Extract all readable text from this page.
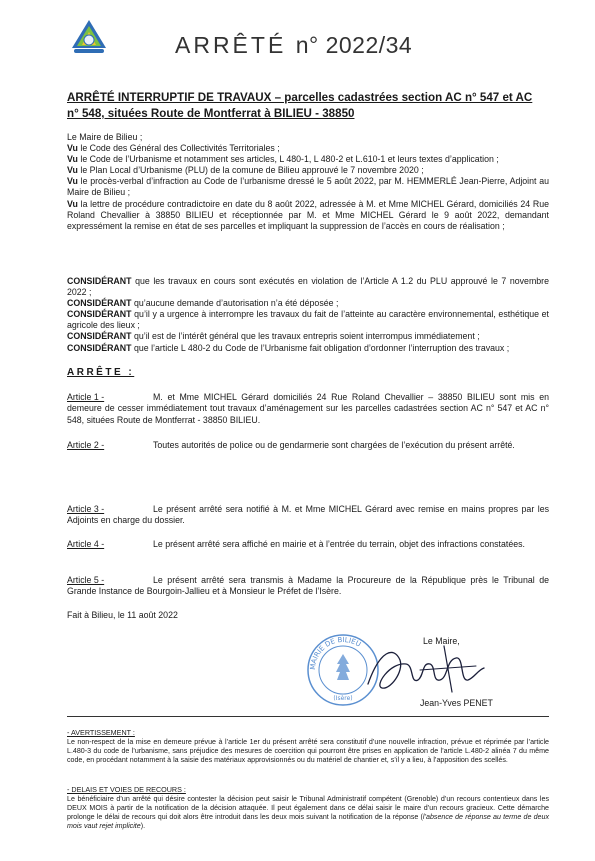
ARRÊTÉ n° 2022/34
ARRÊTÉ INTERRUPTIF DE TRAVAUX – parcelles cadastrées section AC n° 547 et AC n° 548, situées Route de Montferrat à BILIEU - 38850

Le Maire de Bilieu ;

Vu le Code des Général des Collectivités Territoriales ;

Vu le Code de l’Urbanisme et notamment ses articles, L 480-1, L 480-2 et L.610-1 et leurs textes d’application ;

Vu le Plan Local d’Urbanisme (PLU) de la comune de Bilieu approuvé le 7 novembre 2020 ;

Vu le procès-verbal d’infraction au Code de l’urbanisme dressé le 5 août 2022, par M. HEMMERLÉ Jean-Pierre, Adjoint au Maire de Bilieu ;

Vu la lettre de procédure contradictoire en date du 8 août 2022, adressée à M. et Mme MICHEL Gérard, domiciliés 24 Rue Roland Chevallier à 38850 BILIEU et réceptionnée par M. et Mme MICHEL Gérard le 9 août 2022, demandant expressément la remise en état de ses parcelles et impliquant la suppression de l’accès en cours de réalisation ;

CONSIDÉRANT que les travaux en cours sont exécutés en violation de l’Article A 1.2 du PLU approuvé le 7 novembre 2022 ;

CONSIDÉRANT qu’aucune demande d’autorisation n’a été déposée ;

CONSIDÉRANT qu’il y a urgence à interrompre les travaux du fait de l’atteinte au caractère environnemental, esthétique et agricole des lieux ;

CONSIDÉRANT qu’il est de l’intérêt général que les travaux entrepris soient interrompus immédiatement ;

CONSIDÉRANT que l’article L 480-2 du Code de l’Urbanisme fait obligation d’ordonner l’interruption des travaux ;

ARRÊTE :
Article 1 -	M. et Mme MICHEL Gérard domiciliés 24 Rue Roland Chevallier – 38850 BILIEU sont mis en demeure de cesser immédiatement tout travaux d’aménagement sur les parcelles cadastrées section AC n° 547 et AC n° 548, situées Route de Montferrat - 38850 BILIEU.
Article 2 -	Toutes autorités de police ou de gendarmerie sont chargées de l’exécution du présent arrêté.
Article 3 -	Le présent arrêté sera notifié à M. et Mme MICHEL Gérard avec remise en mains propres par les Adjoints en charge du dossier.
Article 4 -	Le présent arrêté sera affiché en mairie et à l’entrée du terrain, objet des infractions constatées.
Article 5 -	Le présent arrêté sera transmis à Madame la Procureure de la République près le Tribunal de Grande Instance de Bourgoin-Jallieu et à Monsieur le Préfet de l’Isère.
Fait à Bilieu, le 11 août 2022
MAIRIE DE BILIEU
(Isère)
Le Maire,
Jean-Yves PENET
- AVERTISSEMENT :
Le non-respect de la mise en demeure prévue à l’article 1er du présent arrêté sera constitutif d’une nouvelle infraction, prévue et réprimée par l’article L.480-3 du code de l’urbanisme, sans préjudice des mesures de coercition qui pourront être prises en application de l’article L.480-2 alinéa 7 du même code, en procédant notamment à la saisie des matériaux approvisionnés ou du matériel de chantier et, s’il y a lieu, à l’apposition des scellés.
- DELAIS ET VOIES DE RECOURS :
Le bénéficiaire d’un arrêté qui désire contester la décision peut saisir le Tribunal Administratif compétent (Grenoble) d’un recours contentieux dans les DEUX MOIS à partir de la notification de la décision attaquée. Il peut également dans ce délai saisir le maire d’un recours gracieux. Cette démarche prolonge le délai de recours qui doit alors être introduit dans les deux mois suivant la notification de la réponse (l’absence de réponse au terme de deux mois vaut rejet implicite).
